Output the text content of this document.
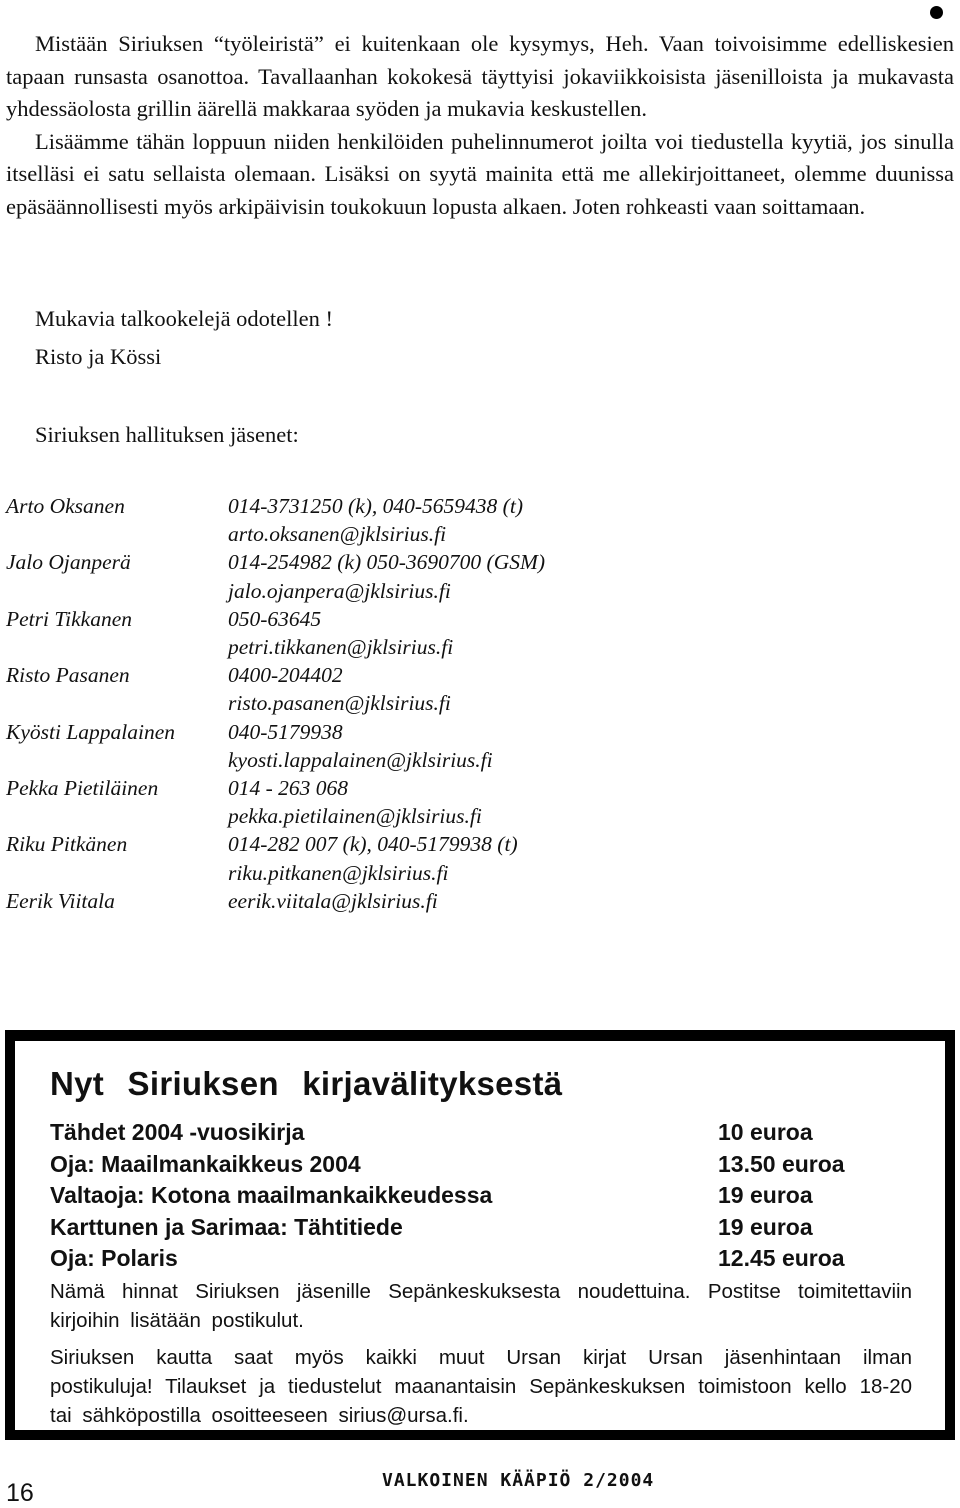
Mistään Siriuksen “työleiristä” ei kuitenkaan ole kysymys, Heh. Vaan toivoisimme edelliskesien tapaan runsasta osanottoa. Tavallaanhan kokokesä täyttyisi jokaviikkoisista jäsenilloista ja mukavasta yhdessäolosta grillin äärellä makkaraa syöden ja mukavia keskustellen.

Lisäämme tähän loppuun niiden henkilöiden puhelinnumerot joilta voi tiedustella kyytiä, jos sinulla itselläsi ei satu sellaista olemaan. Lisäksi on syytä mainita että me allekirjoittaneet, olemme duunissa epäsäännollisesti myös arkipäivisin toukokuun lopusta alkaen. Joten rohkeasti vaan soittamaan.

Mukavia talkookelejä odotellen !
Risto ja Kössi
Siriuksen hallituksen jäsenet:
Arto Oksanen	014-3731250 (k), 040-5659438 (t)
arto.oksanen@jklsirius.fi
Jalo Ojanperä	014-254982 (k) 050-3690700 (GSM)
jalo.ojanpera@jklsirius.fi
Petri Tikkanen	050-63645
petri.tikkanen@jklsirius.fi
Risto Pasanen	0400-204402
risto.pasanen@jklsirius.fi
Kyösti Lappalainen 040-5179938
kyosti.lappalainen@jklsirius.fi
Pekka Pietiläinen	014 - 263 068
pekka.pietilainen@jklsirius.fi
Riku Pitkänen	014-282 007 (k), 040-5179938 (t)
riku.pitkanen@jklsirius.fi
Eerik Viitala	eerik.viitala@jklsirius.fi
Nyt Siriuksen kirjavälityksestä
Tähdet 2004 -vuosikirja	10 euroa
Oja: Maailmankaikkeus 2004	13.50 euroa
Valtaoja: Kotona maailmankaikkeudessa	19 euroa
Karttunen ja Sarimaa: Tähtitiede	19 euroa
Oja: Polaris	12.45 euroa
Nämä hinnat Siriuksen jäsenille Sepänkeskuksesta noudettuina. Postitse toimitettaviin kirjoihin lisätään postikulut.
Siriuksen kautta saat myös kaikki muut Ursan kirjat Ursan jäsenhintaan ilman postikuluja! Tilaukset ja tiedustelut maanantaisin Sepänkeskuksen toimistoon kello 18-20 tai sähköpostilla osoitteeseen sirius@ursa.fi.
16	VALKOINEN KÄÄPIÖ 2/2004
